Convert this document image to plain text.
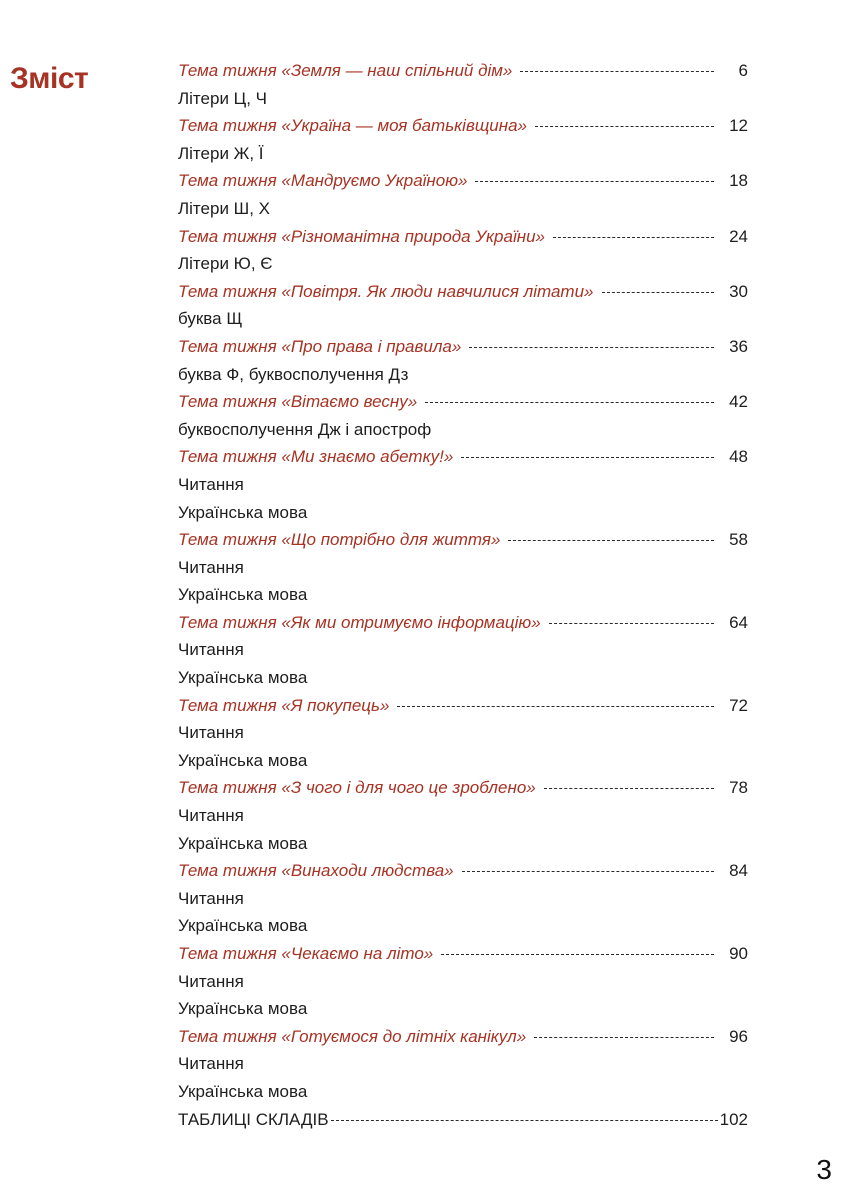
Зміст	Тема тижня «Земля — наш спільний дім»	6
Літери Ц, Ч
Тема тижня «Україна — моя батьківщина»	12
Літери Ж, Ї
Тема тижня «Мандруємо Україною»	18
Літери Ш, Х
Тема тижня «Різноманітна природа України»	24
Літери Ю, Є
Тема тижня «Повітря. Як люди навчилися літати»	30
буква Щ
Тема тижня «Про права і правила»	36
буква Ф, буквосполучення Дз
Тема тижня «Вітаємо весну»	42
буквосполучення Дж і апостроф
Тема тижня «Ми знаємо абетку!»	48
Читання
Українська мова
Тема тижня «Що потрібно для життя»	58
Читання
Українська мова
Тема тижня «Як ми отримуємо інформацію»	64
Читання
Українська мова
Тема тижня «Я покупець»	72
Читання
Українська мова
Тема тижня «З чого і для чого це зроблено»	78
Читання
Українська мова
Тема тижня «Винаходи людства»	84
Читання
Українська мова
Тема тижня «Чекаємо на літо»	90
Читання
Українська мова
Тема тижня «Готуємося до літніх канікул»	96
Читання
Українська мова
ТАБЛИЦІ СКЛАДІВ	102
3
